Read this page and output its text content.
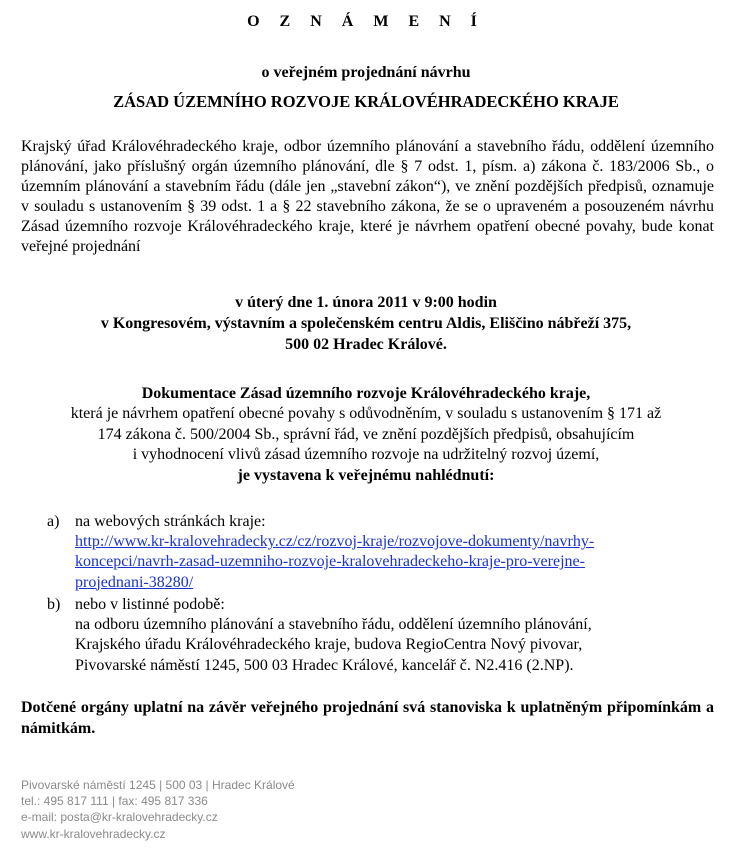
O Z N Á M E N Í
o veřejném projednání návrhu
ZÁSAD ÚZEMNÍHO ROZVOJE KRÁLOVÉHRADECKÉHO KRAJE

Krajský úřad Královéhradeckého kraje, odbor územního plánování a stavebního řádu, oddělení územního plánování, jako příslušný orgán územního plánování, dle § 7 odst. 1, písm. a) zákona č. 183/2006 Sb., o územním plánování a stavebním řádu (dále jen „stavební zákon“), ve znění pozdějších předpisů, oznamuje v souladu s ustanovením § 39 odst. 1 a § 22 stavebního zákona, že se o upraveném a posouzeném návrhu Zásad územního rozvoje Královéhradeckého kraje, které je návrhem opatření obecné povahy, bude konat veřejné projednání

v úterý dne 1. února 2011 v 9:00 hodin
v Kongresovém, výstavním a společenském centru Aldis, Eliščino nábřeží 375,
500 02 Hradec Králové.
Dokumentace Zásad územního rozvoje Královéhradeckého kraje,
která je návrhem opatření obecné povahy s odůvodněním, v souladu s ustanovením § 171 až
174 zákona č. 500/2004 Sb., správní řád, ve znění pozdějších předpisů, obsahujícím
i vyhodnocení vlivů zásad územního rozvoje na udržitelný rozvoj území,
je vystavena k veřejnému nahlédnutí:
a) na webových stránkách kraje:
http://www.kr-kralovehradecky.cz/cz/rozvoj-kraje/rozvojove-dokumenty/navrhy-
koncepci/navrh-zasad-uzemniho-rozvoje-kralovehradeckeho-kraje-pro-verejne-
projednani-38280/
b) nebo v listinné podobě:
na odboru územního plánování a stavebního řádu, oddělení územního plánování,
Krajského úřadu Královéhradeckého kraje, budova RegioCentra Nový pivovar,
Pivovarské náměstí 1245, 500 03 Hradec Králové, kancelář č. N2.416 (2.NP).

Dotčené orgány uplatní na závěr veřejného projednání svá stanoviska k uplatněným připomínkám a námitkám.

Pivovarské náměstí 1245 | 500 03 | Hradec Králové
tel.: 495 817 111 | fax: 495 817 336
e-mail: posta@kr-kralovehradecky.cz
www.kr-kralovehradecky.cz
